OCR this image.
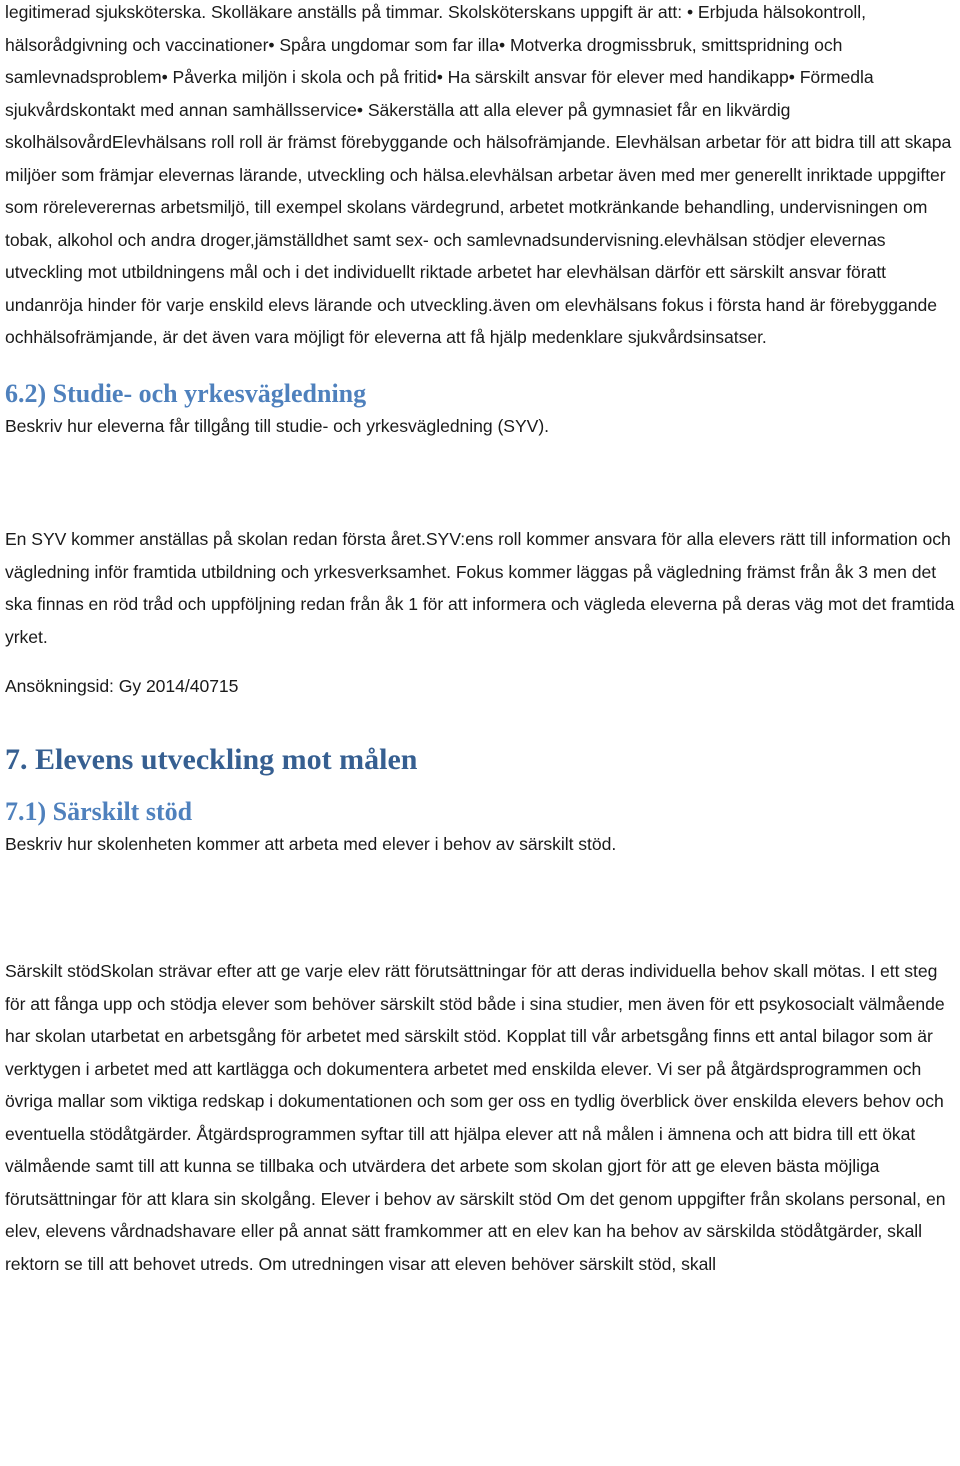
legitimerad sjuksköterska. Skolläkare anställs på timmar. Skolsköterskans uppgift är att: • Erbjuda hälsokontroll, hälsorådgivning och vaccinationer• Spåra ungdomar som far illa• Motverka drogmissbruk, smittspridning och samlevnadsproblem• Påverka miljön i skola och på fritid• Ha särskilt ansvar för elever med handikapp• Förmedla sjukvårdskontakt med annan samhällsservice• Säkerställa att alla elever på gymnasiet får en likvärdig skolhälsovårdElevhälsans roll roll är främst förebyggande och hälsofrämjande. Elevhälsan arbetar för att bidra till att skapa miljöer som främjar elevernas lärande, utveckling och hälsa.elevhälsan arbetar även med mer generellt inriktade uppgifter som röreleverernas arbetsmiljö, till exempel skolans värdegrund, arbetet motkränkande behandling, undervisningen om tobak, alkohol och andra droger,jämställdhet samt sex- och samlevnadsundervisning.elevhälsan stödjer elevernas utveckling mot utbildningens mål och i det individuellt riktade arbetet har elevhälsan därför ett särskilt ansvar föratt undanröja hinder för varje enskild elevs lärande och utveckling.även om elevhälsans fokus i första hand är förebyggande ochhälsofrämjande, är det även vara möjligt för eleverna att få hjälp medenklare sjukvårdsinsatser.

6.2) Studie- och yrkesvägledning

Beskriv hur eleverna får tillgång till studie- och yrkesvägledning (SYV).

En SYV kommer anställas på skolan redan första året.SYV:ens roll kommer ansvara för alla elevers rätt till information och vägledning inför framtida utbildning och yrkesverksamhet. Fokus kommer läggas på vägledning främst från åk 3 men det ska finnas en röd tråd och uppföljning redan från åk 1 för att informera och vägleda eleverna på deras väg mot det framtida yrket.

Ansökningsid: Gy 2014/40715

7. Elevens utveckling mot målen
7.1) Särskilt stöd

Beskriv hur skolenheten kommer att arbeta med elever i behov av särskilt stöd.

Särskilt stödSkolan strävar efter att ge varje elev rätt förutsättningar för att deras individuella behov skall mötas. I ett steg för att fånga upp och stödja elever som behöver särskilt stöd både i sina studier, men även för ett psykosocialt välmående har skolan utarbetat en arbetsgång för arbetet med särskilt stöd. Kopplat till vår arbetsgång finns ett antal bilagor som är verktygen i arbetet med att kartlägga och dokumentera arbetet med enskilda elever. Vi ser på åtgärdsprogrammen och övriga mallar som viktiga redskap i dokumentationen och som ger oss en tydlig överblick över enskilda elevers behov och eventuella stödåtgärder. Åtgärdsprogrammen syftar till att hjälpa elever att nå målen i ämnena och att bidra till ett ökat välmående samt till att kunna se tillbaka och utvärdera det arbete som skolan gjort för att ge eleven bästa möjliga förutsättningar för att klara sin skolgång. Elever i behov av särskilt stöd Om det genom uppgifter från skolans personal, en elev, elevens vårdnadshavare eller på annat sätt framkommer att en elev kan ha behov av särskilda stödåtgärder, skall rektorn se till att behovet utreds. Om utredningen visar att eleven behöver särskilt stöd, skall
